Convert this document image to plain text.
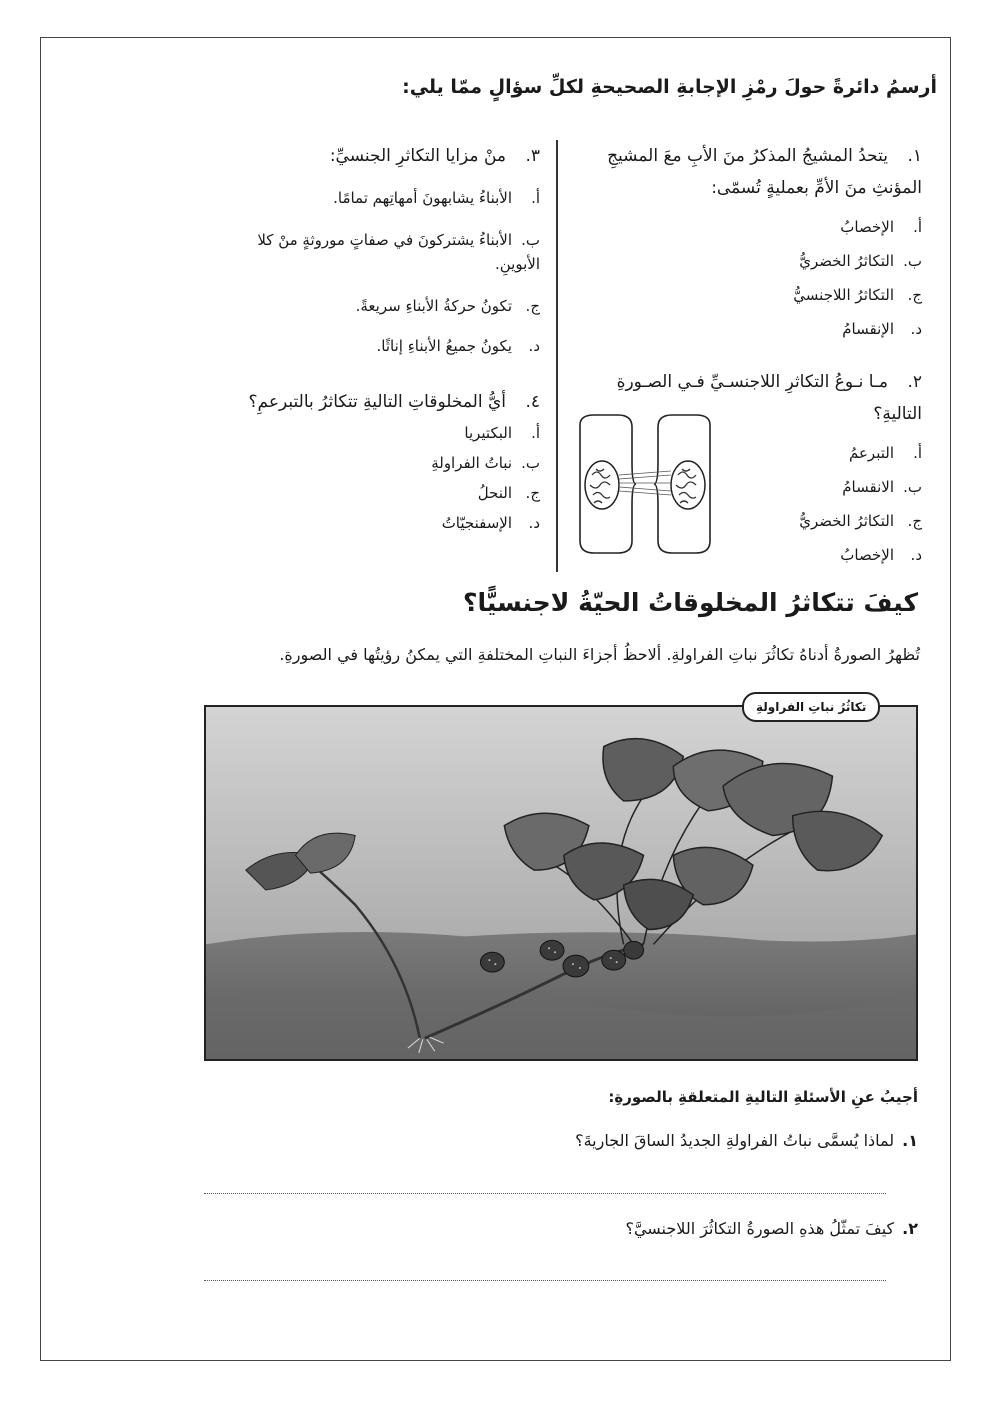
أرسمُ دائرةً حولَ رمْزِ الإجابةِ الصحيحةِ لكلِّ سؤالٍ ممّا يلي:
١.يتحدُ المشيجُ المذكرُ منَ الأبِ معَ المشيجِ المؤنثِ منَ الأمِّ بعمليةٍ تُسمّى:
أ.الإخصابُ
ب.التكاثرُ الخضريُّ
ج.التكاثرُ اللاجنسيُّ
د.الإنقسامُ
٢.مـا نـوعُ التكاثرِ اللاجنسـيِّ فـي الصـورةِ التاليةِ؟
أ.التبرعمُ
ب.الانقسامُ
ج.التكاثرُ الخضريُّ
د.الإخصابُ
٣.منْ مزايا التكاثرِ الجنسيِّ:
أ.الأبناءُ يشابهونَ أمهاتِهم تمامًا.
ب.الأبناءُ يشتركونَ في صفاتٍ موروثةٍ منْ كلا الأبوينِ.
ج.تكونُ حركةُ الأبناءِ سريعةً.
د.يكونُ جميعُ الأبناءِ إناثًا.
٤.أيُّ المخلوقاتِ التاليةِ تتكاثرُ بالتبرعمِ؟
أ.البكتيريا
ب.نباتُ الفراولةِ
ج.النحلُ
د.الإسفنجيّاتُ
كيفَ تتكاثرُ المخلوقاتُ الحيّةُ لاجنسيًّا؟
تُظهرُ الصورةُ أدناهُ تكاثُرَ نباتِ الفراولةِ. ألاحظُ أجزاءَ النباتِ المختلفةِ التي يمكنُ رؤيتُها في الصورةِ.
تكاثُرُ نباتِ الفراولةِ
أجيبُ عنِ الأسئلةِ التاليةِ المتعلقةِ بالصورةِ:
١.لماذا يُسمَّى نباتُ الفراولةِ الجديدُ الساقَ الجاريةَ؟
٢.كيفَ تمثّلُ هذهِ الصورةُ التكاثُرَ اللاجنسيَّ؟
